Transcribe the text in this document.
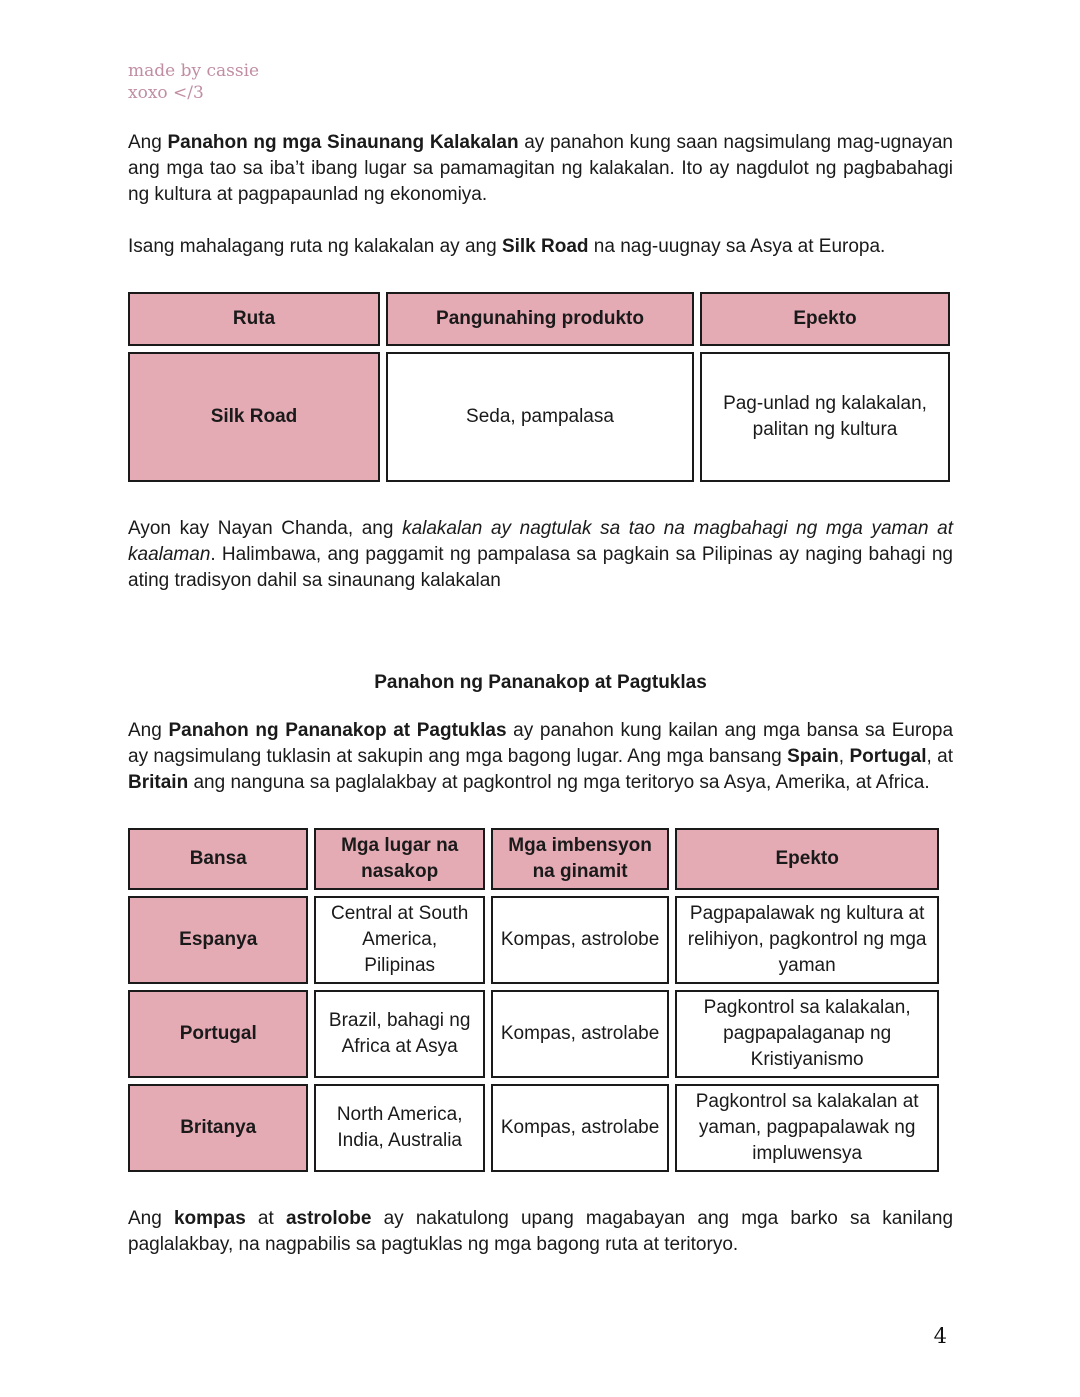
made by cassie
xoxo </3

Ang Panahon ng mga Sinaunang Kalakalan ay panahon kung saan nagsimulang mag-ugnayan ang mga tao sa iba’t ibang lugar sa pamamagitan ng kalakalan. Ito ay nagdulot ng pagbabahagi ng kultura at pagpapaunlad ng ekonomiya.

Isang mahalagang ruta ng kalakalan ay ang Silk Road na nag-uugnay sa Asya at Europa.

Ruta	Pangunahing produkto	Epekto
Silk Road	Seda, pampalasa	Pag-unlad ng kalakalan, palitan ng kultura

Ayon kay Nayan Chanda, ang kalakalan ay nagtulak sa tao na magbahagi ng mga yaman at kaalaman. Halimbawa, ang paggamit ng pampalasa sa pagkain sa Pilipinas ay naging bahagi ng ating tradisyon dahil sa sinaunang kalakalan

Panahon ng Pananakop at Pagtuklas

Ang Panahon ng Pananakop at Pagtuklas ay panahon kung kailan ang mga bansa sa Europa ay nagsimulang tuklasin at sakupin ang mga bagong lugar. Ang mga bansang Spain, Portugal, at Britain ang nanguna sa paglalakbay at pagkontrol ng mga teritoryo sa Asya, Amerika, at Africa.

Bansa	Mga lugar na nasakop	Mga imbensyon na ginamit	Epekto
Espanya	Central at South America, Pilipinas	Kompas, astrolobe	Pagpapalawak ng kultura at relihiyon, pagkontrol ng mga yaman
Portugal	Brazil, bahagi ng Africa at Asya	Kompas, astrolabe	Pagkontrol sa kalakalan, pagpapalaganap ng Kristiyanismo
Britanya	North America, India, Australia	Kompas, astrolabe	Pagkontrol sa kalakalan at yaman, pagpapalawak ng impluwensya

Ang kompas at astrolobe ay nakatulong upang magabayan ang mga barko sa kanilang paglalakbay, na nagpabilis sa pagtuklas ng mga bagong ruta at teritoryo.

4
